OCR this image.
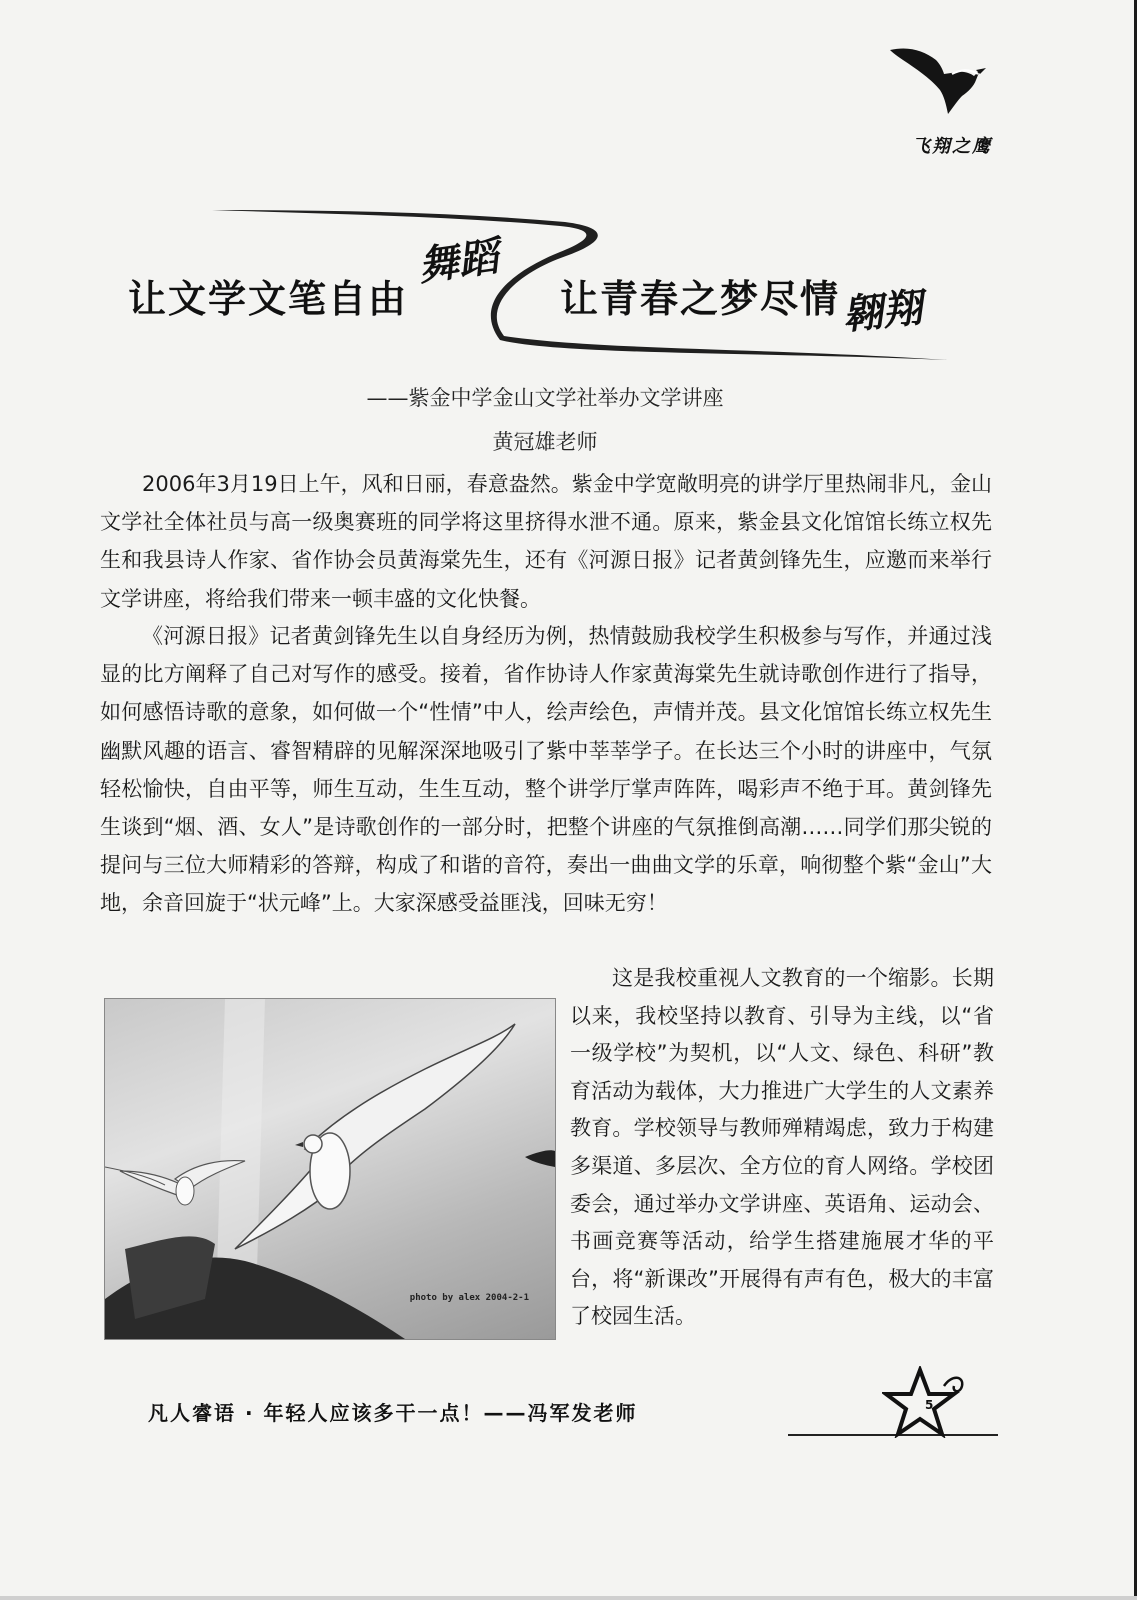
飞翔之鹰
让文学文笔自由
舞蹈
让青春之梦尽情 翱翔
——紫金中学金山文学社举办文学讲座
黄冠雄老师
2006年3月19日上午，风和日丽，春意盎然。紫金中学宽敞明亮的讲学厅里热闹非凡，金山文学社全体社员与高一级奥赛班的同学将这里挤得水泄不通。原来，紫金县文化馆馆长练立权先生和我县诗人作家、省作协会员黄海棠先生，还有《河源日报》记者黄剑锋先生，应邀而来举行文学讲座，将给我们带来一顿丰盛的文化快餐。
《河源日报》记者黄剑锋先生以自身经历为例，热情鼓励我校学生积极参与写作，并通过浅显的比方阐释了自己对写作的感受。接着，省作协诗人作家黄海棠先生就诗歌创作进行了指导，如何感悟诗歌的意象，如何做一个“性情”中人，绘声绘色，声情并茂。县文化馆馆长练立权先生幽默风趣的语言、睿智精辟的见解深深地吸引了紫中莘莘学子。在长达三个小时的讲座中，气氛轻松愉快，自由平等，师生互动，生生互动，整个讲学厅掌声阵阵，喝彩声不绝于耳。黄剑锋先生谈到“烟、酒、女人”是诗歌创作的一部分时，把整个讲座的气氛推倒高潮……同学们那尖锐的提问与三位大师精彩的答辩，构成了和谐的音符，奏出一曲曲文学的乐章，响彻整个紫“金山”大地，余音回旋于“状元峰”上。大家深感受益匪浅，回味无穷！
这是我校重视人文教育的一个缩影。长期以来，我校坚持以教育、引导为主线，以“省一级学校”为契机，以“人文、绿色、科研”教育活动为载体，大力推进广大学生的人文素养教育。学校领导与教师殚精竭虑，致力于构建多渠道、多层次、全方位的育人网络。学校团委会，通过举办文学讲座、英语角、运动会、书画竞赛等活动，给学生搭建施展才华的平台，将“新课改”开展得有声有色，极大的丰富了校园生活。
photo by alex 2004-2-1
凡人睿语 · 年轻人应该多干一点！——冯军发老师	5
